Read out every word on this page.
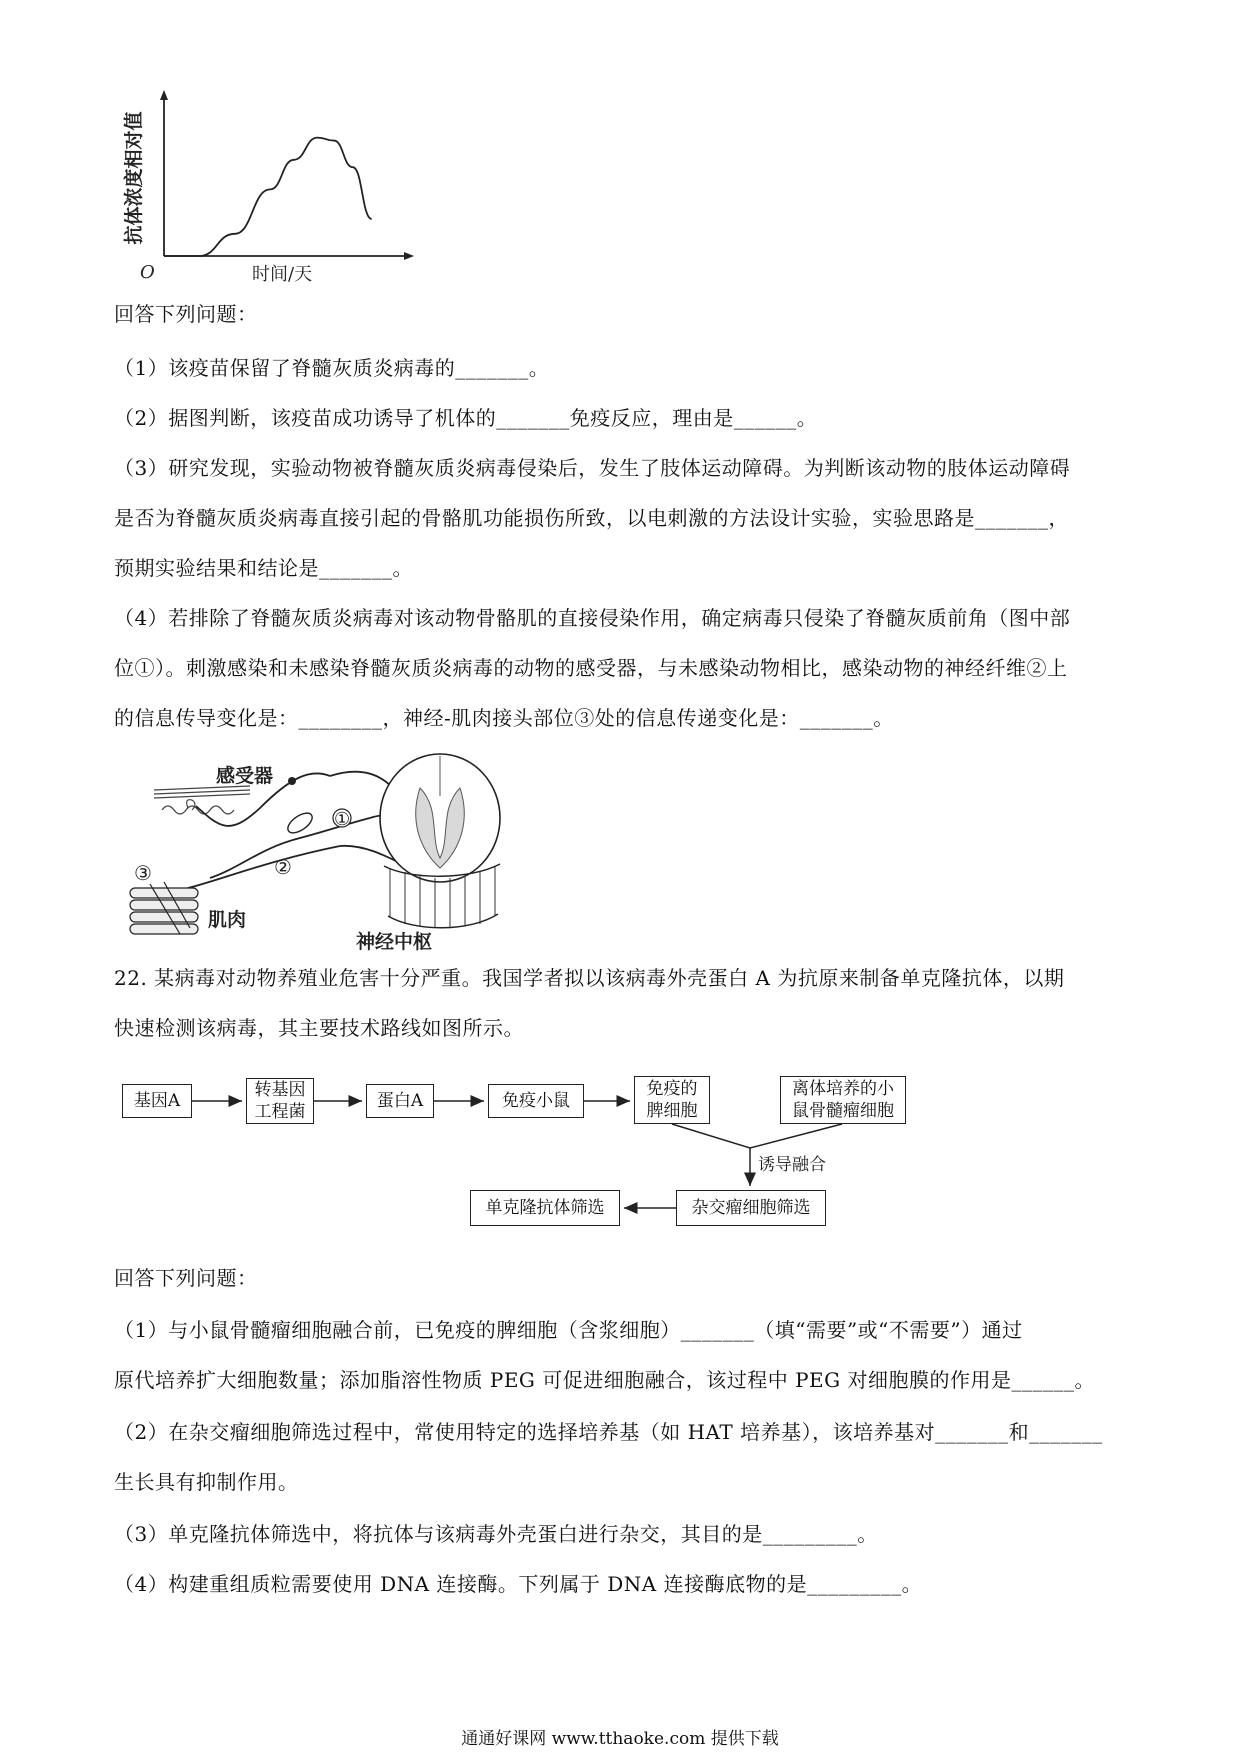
抗体浓度相对值
O	时间/天
回答下列问题：
（1）该疫苗保留了脊髓灰质炎病毒的_______。
（2）据图判断，该疫苗成功诱导了机体的_______免疫反应，理由是______。
（3）研究发现，实验动物被脊髓灰质炎病毒侵染后，发生了肢体运动障碍。为判断该动物的肢体运动障碍
是否为脊髓灰质炎病毒直接引起的骨骼肌功能损伤所致，以电刺激的方法设计实验，实验思路是_______，
预期实验结果和结论是_______。
（4）若排除了脊髓灰质炎病毒对该动物骨骼肌的直接侵染作用，确定病毒只侵染了脊髓灰质前角（图中部
位①）。刺激感染和未感染脊髓灰质炎病毒的动物的感受器，与未感染动物相比，感染动物的神经纤维②上
的信息传导变化是：________，神经-肌肉接头部位③处的信息传递变化是：_______。
感受器
①
②
③
肌肉
神经中枢
22. 某病毒对动物养殖业危害十分严重。我国学者拟以该病毒外壳蛋白 A 为抗原来制备单克隆抗体，以期
快速检测该病毒，其主要技术路线如图所示。
基因A
转基因
工程菌
蛋白A	免疫小鼠
免疫的
脾细胞
离体培养的小
鼠骨髓瘤细胞
杂交瘤细胞筛选
单克隆抗体筛选
诱导融合
回答下列问题：
（1）与小鼠骨髓瘤细胞融合前，已免疫的脾细胞（含浆细胞）_______（填“需要”或“不需要”）通过
原代培养扩大细胞数量；添加脂溶性物质 PEG 可促进细胞融合，该过程中 PEG 对细胞膜的作用是______。
（2）在杂交瘤细胞筛选过程中，常使用特定的选择培养基（如 HAT 培养基），该培养基对_______和_______
生长具有抑制作用。
（3）单克隆抗体筛选中，将抗体与该病毒外壳蛋白进行杂交，其目的是_________。
（4）构建重组质粒需要使用 DNA 连接酶。下列属于 DNA 连接酶底物的是_________。
通通好课网 www.tthaoke.com 提供下载
